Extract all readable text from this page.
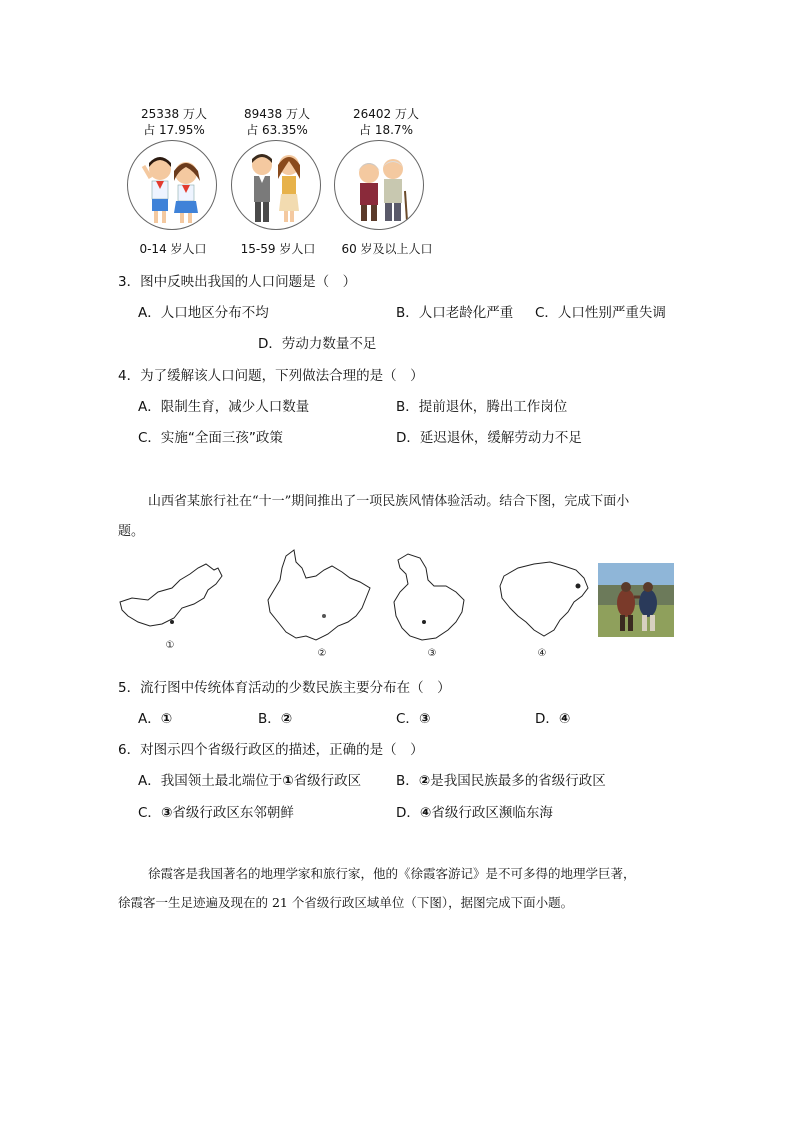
25338 万人
占 17.95%
89438 万人
占 63.35%
26402 万人
占 18.7%
0-14 岁人口	15-59 岁人口	60 岁及以上人口
3．图中反映出我国的人口问题是（　）
A．人口地区分布不均	B．人口老龄化严重 C．人口性别严重失调
D．劳动力数量不足
4．为了缓解该人口问题，下列做法合理的是（　）
A．限制生育，减少人口数量	B．提前退休，腾出工作岗位
C．实施“全面三孩”政策	D．延迟退休，缓解劳动力不足
山西省某旅行社在“十一”期间推出了一项民族风情体验活动。结合下图，完成下面小
题。
①
②	③	④
5．流行图中传统体育活动的少数民族主要分布在（　）
A．①	B．②	C．③	D．④
6．对图示四个省级行政区的描述，正确的是（　）
A．我国领土最北端位于①省级行政区	B．②是我国民族最多的省级行政区
C．③省级行政区东邻朝鲜	D．④省级行政区濒临东海
徐霞客是我国著名的地理学家和旅行家，他的《徐霞客游记》是不可多得的地理学巨著，
徐霞客一生足迹遍及现在的 21 个省级行政区域单位（下图），据图完成下面小题。
